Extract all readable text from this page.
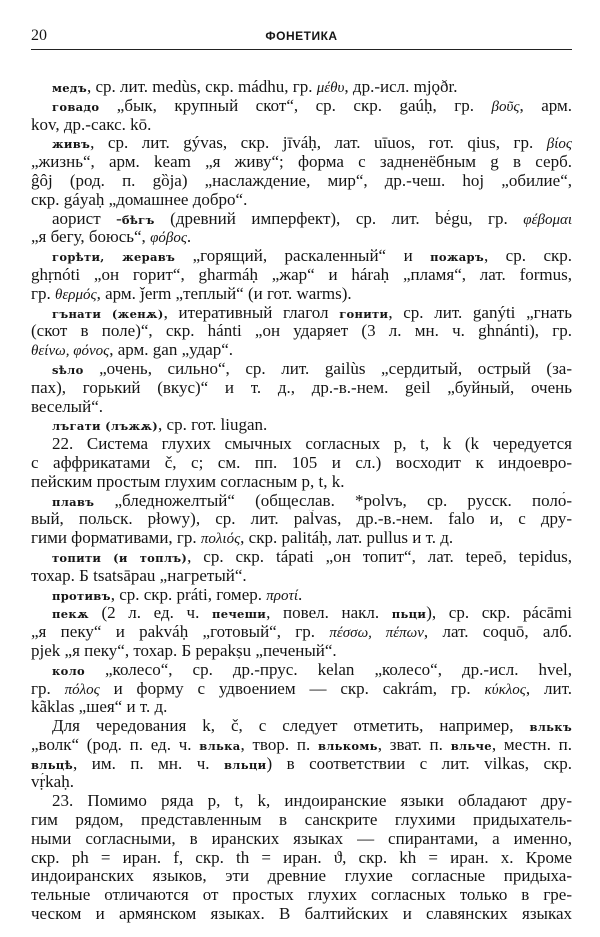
20	ФОНЕТИКА
медъ, ср. лит. medùs, скр. mádhu, гр. μέθυ, др.-исл. mjǫðr.
говадо „бык, крупный скот“, ср. скр. gaúḥ, гр. βοῦς, арм.
kov, др.-сакс. kō.
живъ, ср. лит. gývas, скр. jīváḥ, лат. uīuos, гот. qius, гр. βίος
„жизнь“, арм. keam „я живу“; форма с задненёбным g в серб.
ĝôj (род. п. gȍja) „наслаждение, мир“, др.-чеш. hoj „обилие“,
скр. gáyaḥ „домашнее добро“.
аорист -бѣгъ (древний имперфект), ср. лит. bė́gu, гр. φέβομαι
„я бегу, боюсь“, φόβος.
горѣти, жеравъ „горящий, раскаленный“ и пожаръ, ср. скр.
ghṛnóti „он горит“, gharmáḥ „жар“ и háraḥ „пламя“, лат. formus,
гр. θερμός, арм. ǰerm „теплый“ (и гот. warms).
гънати (женѫ), итеративный глагол гонити, ср. лит. ganýti „гнать
(скот в поле)“, скр. hánti „он ударяет (3 л. мн. ч. ghnánti), гр.
θείνω, φόνος, арм. gan „удар“.
ѕѣло „очень, сильно“, ср. лит. gailùs „сердитый, острый (за-
пах), горький (вкус)“ и т. д., др.-в.-нем. geil „буйный, очень
веселый“.
лъгати (лъжѫ), ср. гот. liugan.
22. Система глухих смычных согласных p, t, k (k чередуется
с аффрикатами č, c; см. пп. 105 и сл.) восходит к индоевро-
пейским простым глухим согласным p, t, k.
плавъ „бледножелтый“ (общеслав. *polvъ, ср. русск. поло́-
вый, польск. płowy), ср. лит. pal̃vas, др.-в.-нем. falo и, с дру-
гими формативами, гр. πολιός, скр. palitáḥ, лат. pullus и т. д.
топити (и топлъ), ср. скр. tápati „он топит“, лат. tepeō, tepidus,
тохар. Б tsatsāpau „нагретый“.
противъ, ср. скр. práti, гомер. προτί.
пекѫ (2 л. ед. ч. печеши, повел. накл. пьци), ср. скр. pácāmi
„я пеку“ и pakváḥ „готовый“, гр. πέσσω, πέπων, лат. coquō, алб.
pjek „я пеку“, тохар. Б pepakṣu „печеный“.
коло „колесо“, ср. др.-прус. kelan „колесо“, др.-исл. hvel,
гр. πόλος и форму с удвоением — скр. cakrám, гр. κύκλος, лит.
kãklas „шея“ и т. д.
Для чередования k, č, c следует отметить, например, влькъ
„волк“ (род. п. ед. ч. влька, твор. п. влькомь, зват. п. вльче, местн. п.
вльцѣ, им. п. мн. ч. вльци) в соответствии с лит. vilkas, скр.
vṛ́kaḥ.
23. Помимо ряда p, t, k, индоиранские языки обладают дру-
гим рядом, представленным в санскрите глухими придыхатель-
ными согласными, в иранских языках — спирантами, а именно,
скр. ph = иран. f, скр. th = иран. ϑ, скр. kh = иран. x. Кроме
индоиранских языков, эти древние глухие согласные придыха-
тельные отличаются от простых глухих согласных только в гре-
ческом и армянском языках. В балтийских и славянских языках
